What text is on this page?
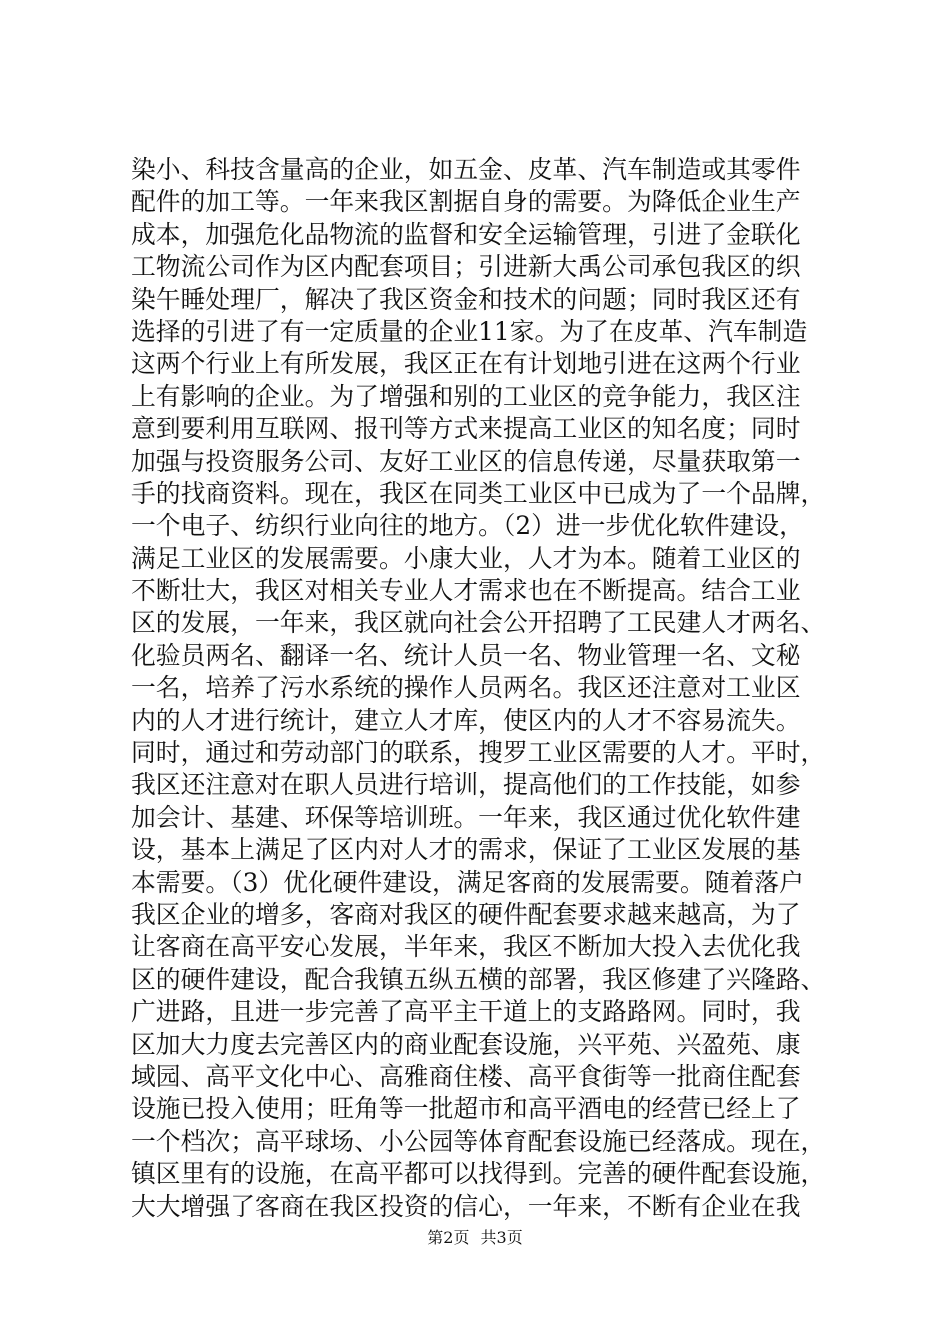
染小、科技含量高的企业，如五金、皮革、汽车制造或其零件
配件的加工等。一年来我区割据自身的需要。为降低企业生产
成本，加强危化品物流的监督和安全运输管理，引进了金联化
工物流公司作为区内配套项目；引进新大禹公司承包我区的织
染午睡处理厂，解决了我区资金和技术的问题；同时我区还有
选择的引进了有一定质量的企业11家。为了在皮革、汽车制造
这两个行业上有所发展，我区正在有计划地引进在这两个行业
上有影响的企业。为了增强和别的工业区的竞争能力，我区注
意到要利用互联网、报刊等方式来提高工业区的知名度；同时
加强与投资服务公司、友好工业区的信息传递，尽量获取第一
手的找商资料。现在，我区在同类工业区中已成为了一个品牌，
一个电子、纺织行业向往的地方。（2）进一步优化软件建设，
满足工业区的发展需要。小康大业，人才为本。随着工业区的
不断壮大，我区对相关专业人才需求也在不断提高。结合工业
区的发展，一年来，我区就向社会公开招聘了工民建人才两名、
化验员两名、翻译一名、统计人员一名、物业管理一名、文秘
一名，培养了污水系统的操作人员两名。我区还注意对工业区
内的人才进行统计，建立人才库，使区内的人才不容易流失。
同时，通过和劳动部门的联系，搜罗工业区需要的人才。平时，
我区还注意对在职人员进行培训，提高他们的工作技能，如参
加会计、基建、环保等培训班。一年来，我区通过优化软件建
设，基本上满足了区内对人才的需求，保证了工业区发展的基
本需要。（3）优化硬件建设，满足客商的发展需要。随着落户
我区企业的增多，客商对我区的硬件配套要求越来越高，为了
让客商在高平安心发展，半年来，我区不断加大投入去优化我
区的硬件建设，配合我镇五纵五横的部署，我区修建了兴隆路、
广进路，且进一步完善了高平主干道上的支路路网。同时，我
区加大力度去完善区内的商业配套设施，兴平苑、兴盈苑、康
域园、高平文化中心、高雅商住楼、高平食街等一批商住配套
设施已投入使用；旺角等一批超市和高平酒电的经营已经上了
一个档次；高平球场、小公园等体育配套设施已经落成。现在，
镇区里有的设施，在高平都可以找得到。完善的硬件配套设施，
大大增强了客商在我区投资的信心，一年来，不断有企业在我
第2页 共3页
